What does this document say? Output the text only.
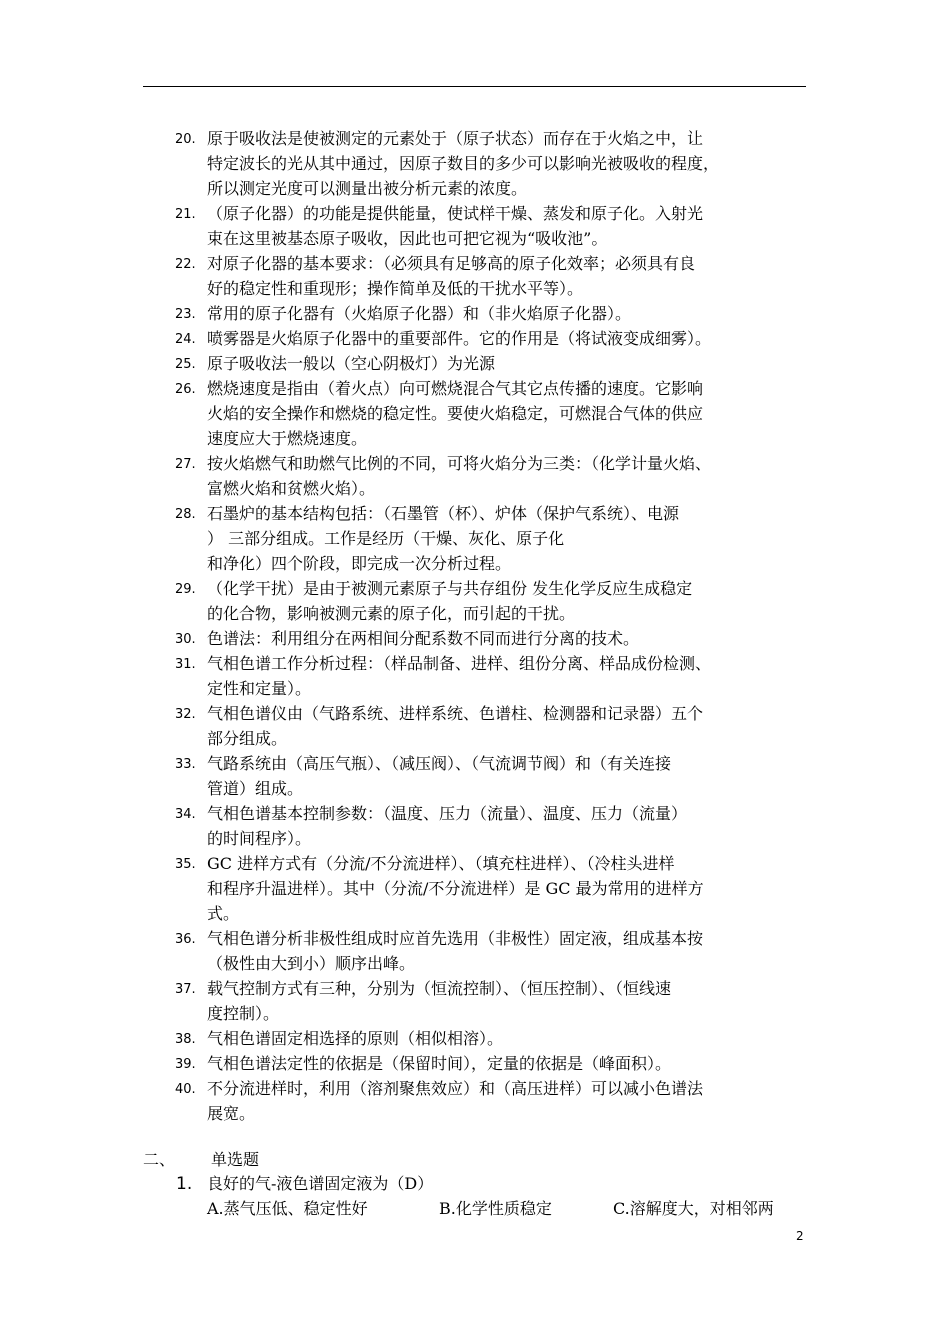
20. 原于吸收法是使被测定的元素处于（原子状态）而存在于火焰之中，让
特定波长的光从其中通过，因原子数目的多少可以影响光被吸收的程度，
所以测定光度可以测量出被分析元素的浓度。
21. （原子化器）的功能是提供能量，使试样干燥、蒸发和原子化。入射光
束在这里被基态原子吸收，因此也可把它视为“吸收池”。
22. 对原子化器的基本要求：（必须具有足够高的原子化效率；必须具有良
好的稳定性和重现形；操作简单及低的干扰水平等）。
23. 常用的原子化器有（火焰原子化器）和（非火焰原子化器）。
24. 喷雾器是火焰原子化器中的重要部件。它的作用是（将试液变成细雾）。
25. 原子吸收法一般以（空心阴极灯）为光源
26. 燃烧速度是指由（着火点）向可燃烧混合气其它点传播的速度。它影响
火焰的安全操作和燃烧的稳定性。要使火焰稳定，可燃混合气体的供应
速度应大于燃烧速度。
27. 按火焰燃气和助燃气比例的不同，可将火焰分为三类：（化学计量火焰、
富燃火焰和贫燃火焰）。
28. 石墨炉的基本结构包括：（石墨管（杯）、炉体（保护气系统）、电源
） 三部分组成。工作是经历（干燥、灰化、原子化
和净化）四个阶段，即完成一次分析过程。
29. （化学干扰）是由于被测元素原子与共存组份 发生化学反应生成稳定
的化合物，影响被测元素的原子化，而引起的干扰。
30. 色谱法：利用组分在两相间分配系数不同而进行分离的技术。
31. 气相色谱工作分析过程：（样品制备、进样、组份分离、样品成份检测、
定性和定量）。
32. 气相色谱仪由（气路系统、进样系统、色谱柱、检测器和记录器）五个
部分组成。
33. 气路系统由（高压气瓶）、（减压阀）、（气流调节阀）和（有关连接
管道）组成。
34. 气相色谱基本控制参数：（温度、压力（流量）、温度、压力（流量）
的时间程序）。
35. GC 进样方式有（分流/不分流进样）、（填充柱进样）、（冷柱头进样
和程序升温进样）。其中（分流/不分流进样）是 GC 最为常用的进样方
式。
36. 气相色谱分析非极性组成时应首先选用（非极性）固定液，组成基本按
（极性由大到小）顺序出峰。
37. 载气控制方式有三种，分别为（恒流控制）、（恒压控制）、（恒线速
度控制）。
38. 气相色谱固定相选择的原则（相似相溶）。
39. 气相色谱法定性的依据是（保留时间），定量的依据是（峰面积）。
40. 不分流进样时，利用（溶剂聚焦效应）和（高压进样）可以减小色谱法
展宽。
二、 单选题
1. 良好的气-液色谱固定液为（D）
A.蒸气压低、稳定性好	B.化学性质稳定	C.溶解度大，对相邻两
2
